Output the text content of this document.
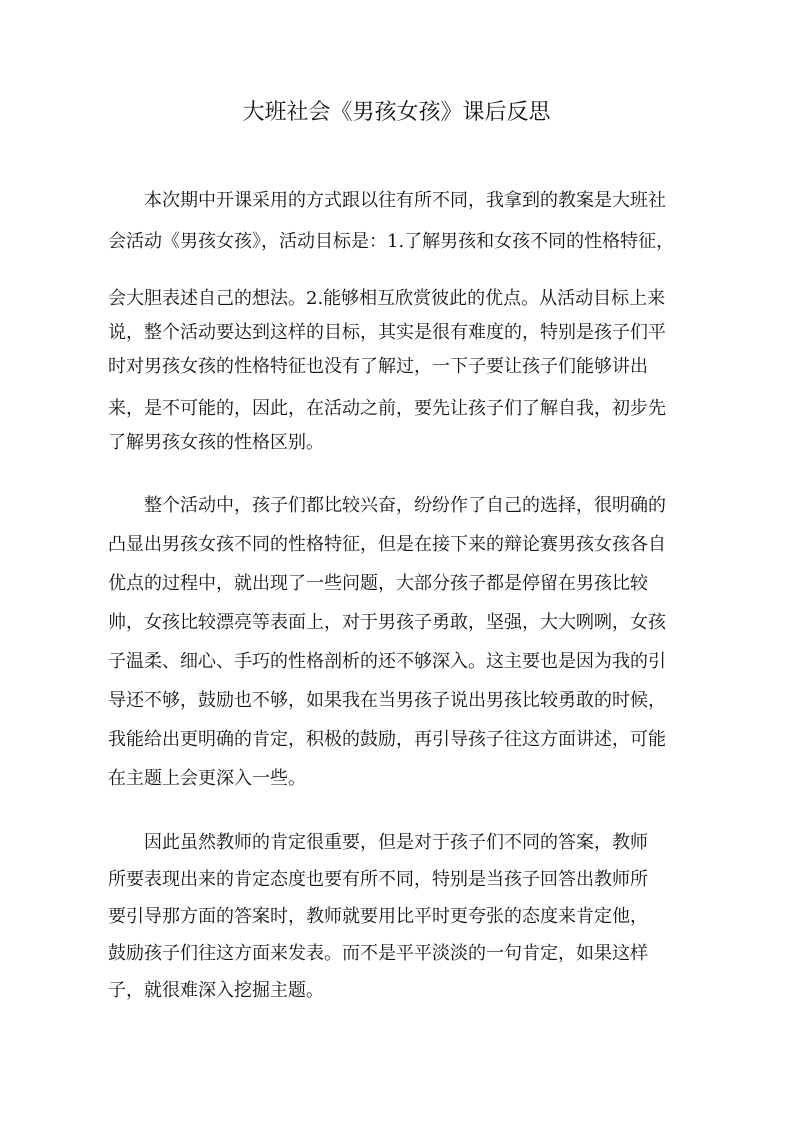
大班社会《男孩女孩》课后反思

本次期中开课采用的方式跟以往有所不同，我拿到的教案是大班社

会活动《男孩女孩》，活动目标是：1.了解男孩和女孩不同的性格特征，

会大胆表述自己的想法。2.能够相互欣赏彼此的优点。从活动目标上来

说，整个活动要达到这样的目标，其实是很有难度的，特别是孩子们平

时对男孩女孩的性格特征也没有了解过，一下子要让孩子们能够讲出

来，是不可能的，因此，在活动之前，要先让孩子们了解自我，初步先

了解男孩女孩的性格区别。

整个活动中，孩子们都比较兴奋，纷纷作了自己的选择，很明确的

凸显出男孩女孩不同的性格特征，但是在接下来的辩论赛男孩女孩各自

优点的过程中，就出现了一些问题，大部分孩子都是停留在男孩比较

帅，女孩比较漂亮等表面上，对于男孩子勇敢，坚强，大大咧咧，女孩

子温柔、细心、手巧的性格剖析的还不够深入。这主要也是因为我的引

导还不够，鼓励也不够，如果我在当男孩子说出男孩比较勇敢的时候，

我能给出更明确的肯定，积极的鼓励，再引导孩子往这方面讲述，可能

在主题上会更深入一些。

因此虽然教师的肯定很重要，但是对于孩子们不同的答案，教师

所要表现出来的肯定态度也要有所不同，特别是当孩子回答出教师所

要引导那方面的答案时，教师就要用比平时更夸张的态度来肯定他，

鼓励孩子们往这方面来发表。而不是平平淡淡的一句肯定，如果这样

子，就很难深入挖掘主题。
